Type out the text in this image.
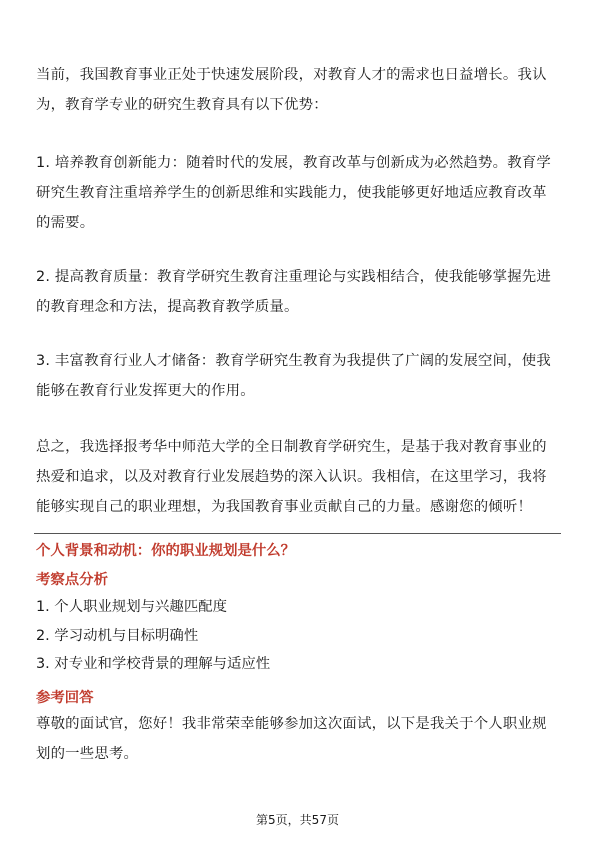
当前，我国教育事业正处于快速发展阶段，对教育人才的需求也日益增长。我认为，教育学专业的研究生教育具有以下优势：

1. 培养教育创新能力：随着时代的发展，教育改革与创新成为必然趋势。教育学研究生教育注重培养学生的创新思维和实践能力，使我能够更好地适应教育改革的需要。

2. 提高教育质量：教育学研究生教育注重理论与实践相结合，使我能够掌握先进的教育理念和方法，提高教育教学质量。

3. 丰富教育行业人才储备：教育学研究生教育为我提供了广阔的发展空间，使我能够在教育行业发挥更大的作用。

总之，我选择报考华中师范大学的全日制教育学研究生，是基于我对教育事业的热爱和追求，以及对教育行业发展趋势的深入认识。我相信，在这里学习，我将能够实现自己的职业理想，为我国教育事业贡献自己的力量。感谢您的倾听！

个人背景和动机：你的职业规划是什么？
考察点分析
1. 个人职业规划与兴趣匹配度
2. 学习动机与目标明确性
3. 对专业和学校背景的理解与适应性
参考回答

尊敬的面试官，您好！我非常荣幸能够参加这次面试，以下是我关于个人职业规划的一些思考。

第5页，共57页
